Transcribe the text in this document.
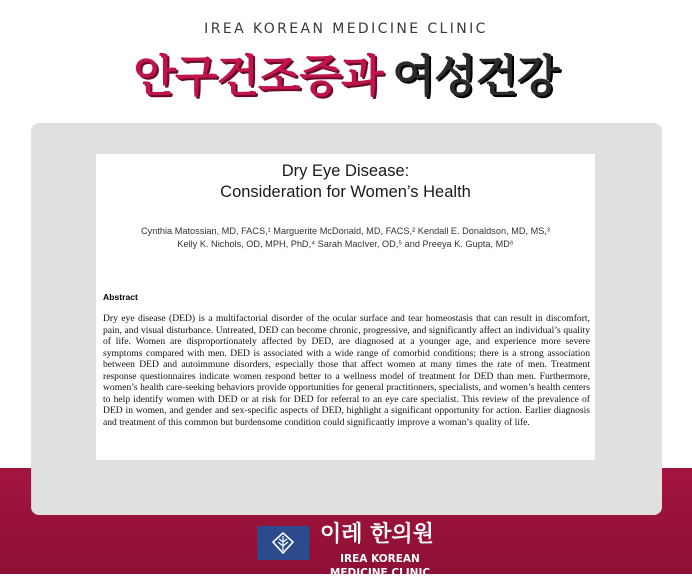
IREA KOREAN MEDICINE CLINIC
안구건조증과 여성건강
Dry Eye Disease:
Consideration for Women’s Health
Cynthia Matossian, MD, FACS,¹ Marguerite McDonald, MD, FACS,² Kendall E. Donaldson, MD, MS,³
Kelly K. Nichols, OD, MPH, PhD,⁴ Sarah MacIver, OD,⁵ and Preeya K. Gupta, MD⁶
Abstract
Dry eye disease (DED) is a multifactorial disorder of the ocular surface and tear homeostasis that can result in discomfort, pain, and visual disturbance. Untreated, DED can become chronic, progressive, and significantly affect an individual’s quality of life. Women are disproportionately affected by DED, are diagnosed at a younger age, and experience more severe symptoms compared with men. DED is associated with a wide range of comorbid conditions; there is a strong association between DED and autoimmune disorders, especially those that affect women at many times the rate of men. Treatment response questionnaires indicate women respond better to a wellness model of treatment for DED than men. Furthermore, women’s health care-seeking behaviors provide opportunities for general practitioners, specialists, and women’s health centers to help identify women with DED or at risk for DED for referral to an eye care specialist. This review of the prevalence of DED in women, and gender and sex-specific aspects of DED, highlight a significant opportunity for action. Earlier diagnosis and treatment of this common but burdensome condition could significantly improve a woman’s quality of life.
이레 한의원
IREA KOREAN MEDICINE CLINIC
